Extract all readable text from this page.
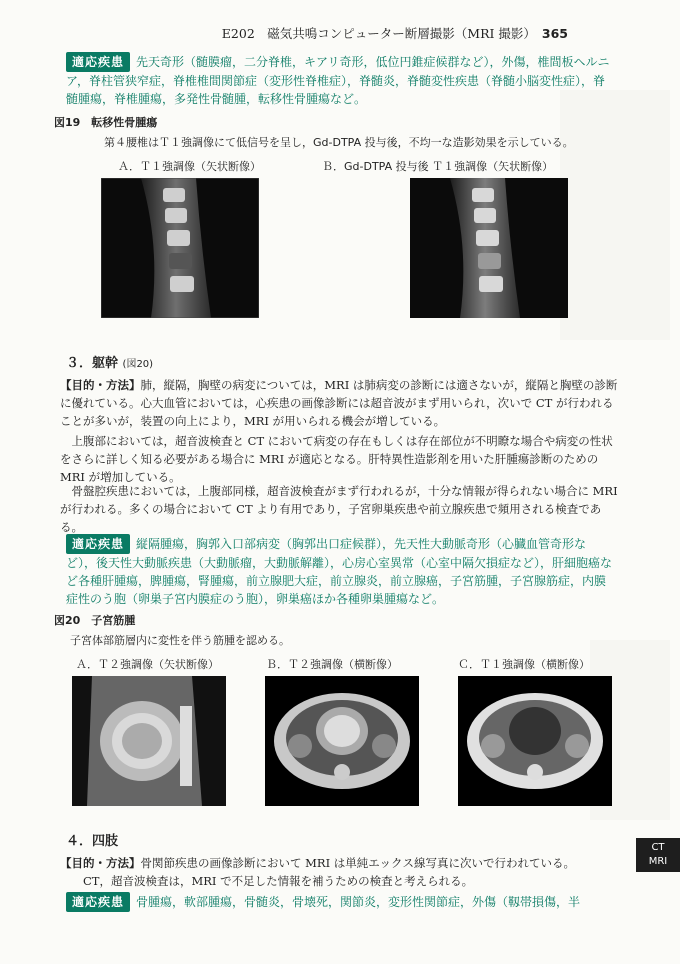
E202　磁気共鳴コンピューター断層撮影（MRI 撮影） 365
適応疾患 先天奇形（髄膜瘤，二分脊椎，キアリ奇形，低位円錐症候群など），外傷，椎間板ヘルニア，脊柱管狭窄症，脊椎椎間関節症（変形性脊椎症），脊髄炎，脊髄変性疾患（脊髄小脳変性症），脊髄腫瘍，脊椎腫瘍，多発性骨髄腫，転移性骨腫瘍など。
図19　転移性骨腫瘍
第４腰椎はＴ１強調像にて低信号を呈し，Gd-DTPA 投与後，不均一な造影効果を示している。
Ａ．Ｔ１強調像（矢状断像）	Ｂ．Gd-DTPA 投与後 Ｔ１強調像（矢状断像）
３．躯幹 (図20)
【目的・方法】肺，縦隔，胸壁の病変については，MRI は肺病変の診断には適さないが，縦隔と胸壁の診断に優れている。心大血管においては，心疾患の画像診断には超音波がまず用いられ，次いで CT が行われることが多いが，装置の向上により，MRI が用いられる機会が増している。
上腹部においては，超音波検査と CT において病変の存在もしくは存在部位が不明瞭な場合や病変の性状をさらに詳しく知る必要がある場合に MRI が適応となる。肝特異性造影剤を用いた肝腫瘍診断のための MRI が増加している。
骨盤腔疾患においては，上腹部同様，超音波検査がまず行われるが，十分な情報が得られない場合に MRI が行われる。多くの場合において CT より有用であり，子宮卵巣疾患や前立腺疾患で頻用される検査である。
適応疾患 縦隔腫瘍，胸郭入口部病変（胸郭出口症候群），先天性大動脈奇形（心臓血管奇形など），後天性大動脈疾患（大動脈瘤，大動脈解離），心房心室異常（心室中隔欠損症など），肝細胞癌など各種肝腫瘍，脾腫瘍，腎腫瘍，前立腺肥大症，前立腺炎，前立腺癌，子宮筋腫，子宮腺筋症，内膜症性のう胞（卵巣子宮内膜症のう胞），卵巣癌ほか各種卵巣腫瘍など。
図20　子宮筋腫
子宮体部筋層内に変性を伴う筋腫を認める。
Ａ．Ｔ２強調像（矢状断像）	Ｂ．Ｔ２強調像（横断像）	Ｃ．Ｔ１強調像（横断像）
４．四肢
【目的・方法】骨関節疾患の画像診断において MRI は単純エックス線写真に次いで行われている。
CT，超音波検査は，MRI で不足した情報を補うための検査と考えられる。
適応疾患 骨腫瘍，軟部腫瘍，骨髄炎，骨壊死，関節炎，変形性関節症，外傷（靱帯損傷，半
CT
MRI
